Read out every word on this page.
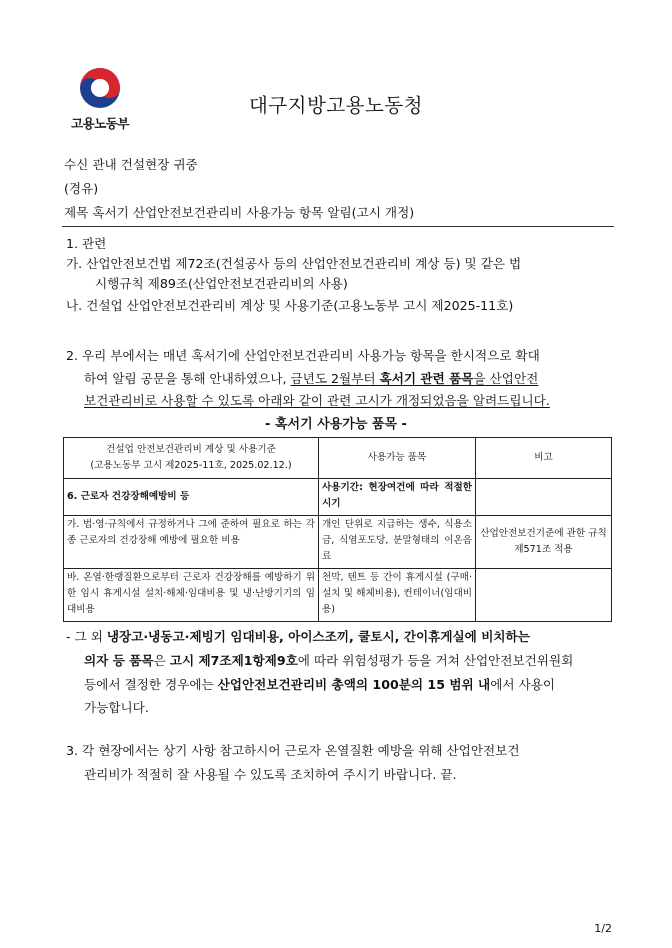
고용노동부
대구지방고용노동청
수신 관내 건설현장 귀중
(경유)
제목 혹서기 산업안전보건관리비 사용가능 항목 알림(고시 개정)
1. 관련
가. 산업안전보건법 제72조(건설공사 등의 산업안전보건관리비 계상 등) 및 같은 법
시행규칙 제89조(산업안전보건관리비의 사용)
나. 건설업 산업안전보건관리비 계상 및 사용기준(고용노동부 고시 제2025-11호)
2. 우리 부에서는 매년 혹서기에 산업안전보건관리비 사용가능 항목을 한시적으로 확대
하여 알림 공문을 통해 안내하였으나, 금년도 2월부터 혹서기 관련 품목을 산업안전
보건관리비로 사용할 수 있도록 아래와 같이 관련 고시가 개정되었음을 알려드립니다.
- 혹서기 사용가능 품목 -
건설업 안전보건관리비 계상 및 사용기준
(고용노동부 고시 제2025-11호, 2025.02.12.)	사용가능 품목	비고
6. 근로자 건강장해예방비 등	사용기간: 현장여건에 따라 적절한 시기	
가. 법·영·규칙에서 규정하거나 그에 준하여 필요로 하는 각종 근로자의 건강장해 예방에 필요한 비용	개인 단위로 지급하는 생수, 식용소금, 식염포도당, 분말형태의 이온음료	산업안전보건기준에 관한 규칙 제571조 적용
바. 온열·한랭질환으로부터 근로자 건강장해를 예방하기 위한 임시 휴게시설 설치·해체·임대비용 및 냉·난방기기의 임대비용	천막, 텐트 등 간이 휴게시설 (구매·설치 및 해체비용), 컨테이너(임대비용)	
- 그 외 냉장고·냉동고·제빙기 임대비용, 아이스조끼, 쿨토시, 간이휴게실에 비치하는
의자 등 품목은 고시 제7조제1항제9호에 따라 위험성평가 등을 거쳐 산업안전보건위원회
등에서 결정한 경우에는 산업안전보건관리비 총액의 100분의 15 범위 내에서 사용이
가능합니다.
3. 각 현장에서는 상기 사항 참고하시어 근로자 온열질환 예방을 위해 산업안전보건
관리비가 적절히 잘 사용될 수 있도록 조치하여 주시기 바랍니다. 끝.
1/2
